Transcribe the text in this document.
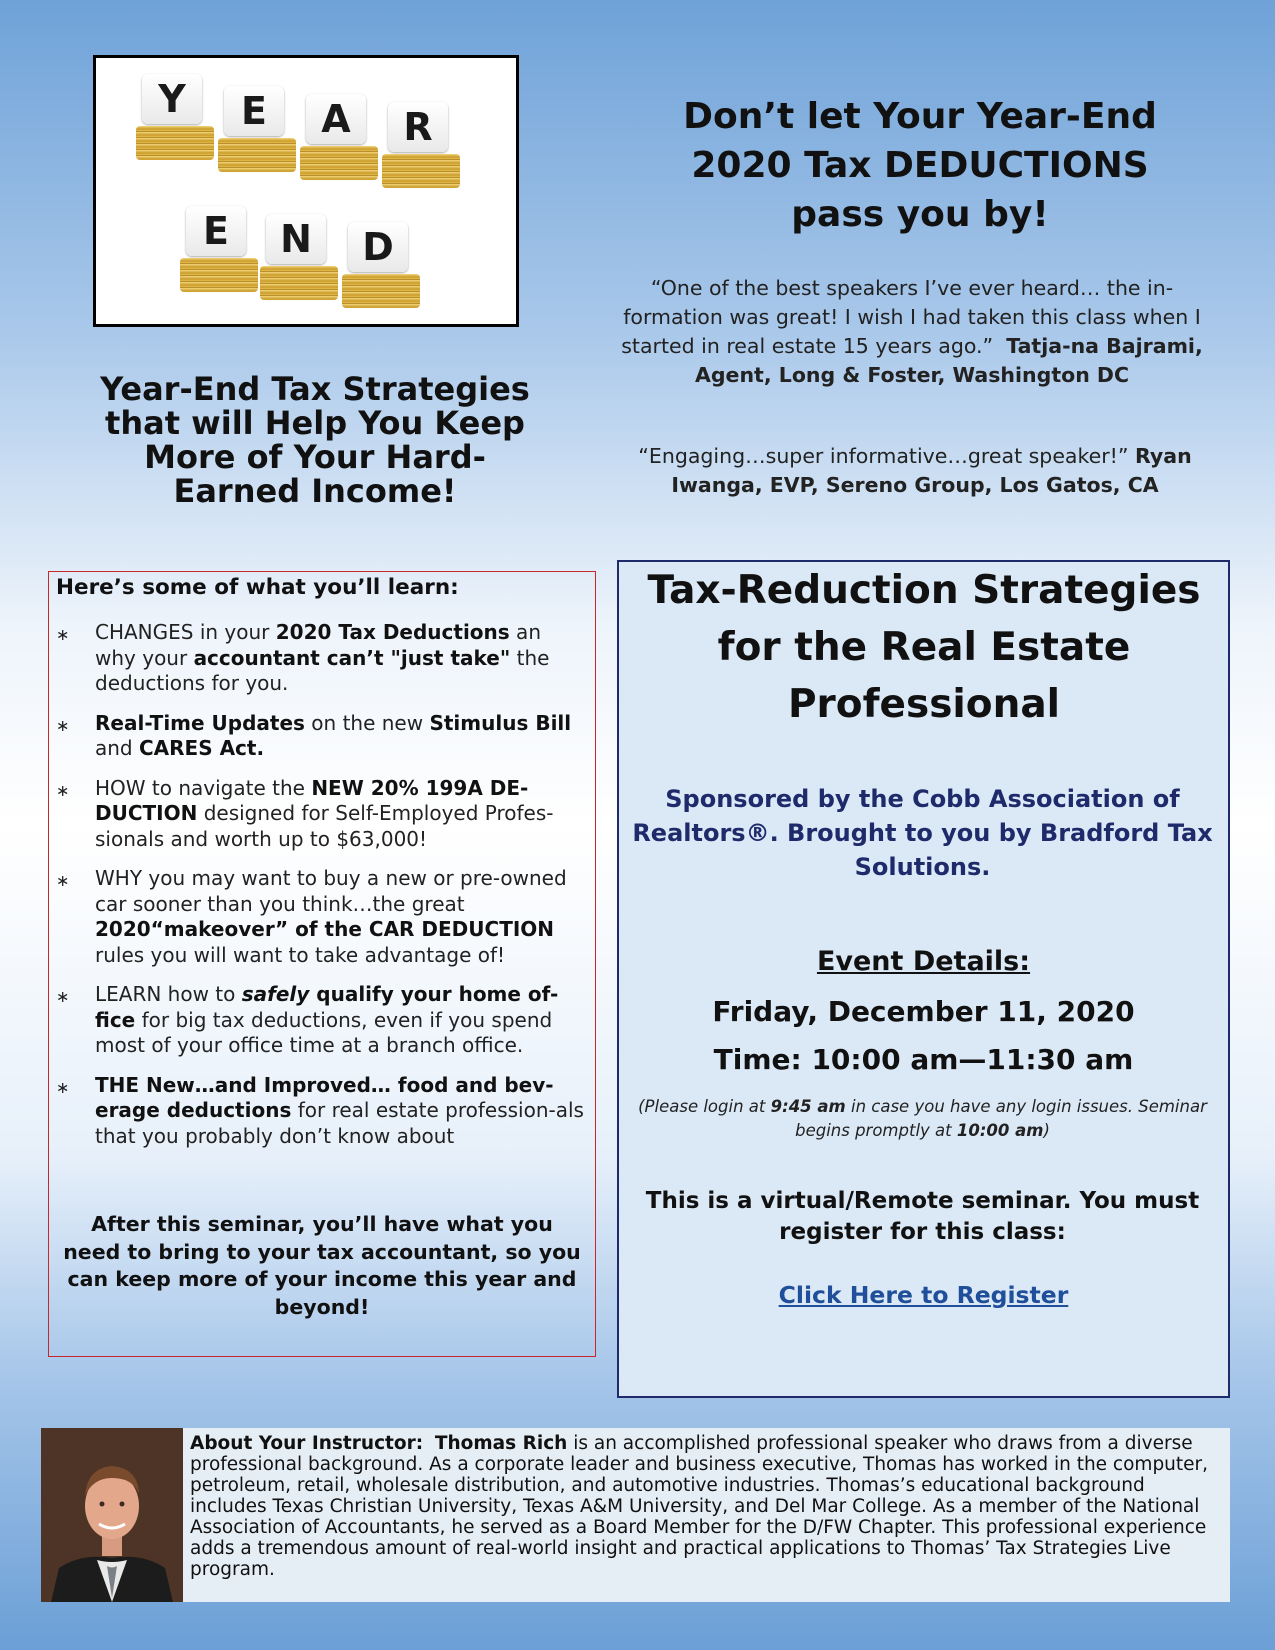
Y	E	A	R
E	N	D
Don’t let Your Year-End
2020 Tax DEDUCTIONS
pass you by!
“One of the best speakers I’ve ever heard… the in-formation was great! I wish I had taken this class when I started in real estate 15 years ago.” Tatja-na Bajrami, Agent, Long & Foster, Washington DC
“Engaging…super informative…great speaker!” Ryan Iwanga, EVP, Sereno Group, Los Gatos, CA
Year-End Tax Strategies
that will Help You Keep
More of Your Hard-
Earned Income!
Here’s some of what you’ll learn:
∗ CHANGES in your 2020 Tax Deductions an why your accountant can’t "just take" the deductions for you.
∗ Real-Time Updates on the new Stimulus Bill and CARES Act.
∗ HOW to navigate the NEW 20% 199A DE-DUCTION designed for Self-Employed Profes-sionals and worth up to $63,000!
∗ WHY you may want to buy a new or pre-owned car sooner than you think…the great 2020“makeover” of the CAR DEDUCTION rules you will want to take advantage of!
∗ LEARN how to safely qualify your home of-fice for big tax deductions, even if you spend most of your office time at a branch office.
∗ THE New…and Improved… food and bev-erage deductions for real estate profession-als that you probably don’t know about
After this seminar, you’ll have what you need to bring to your tax accountant, so you can keep more of your income this year and beyond!
Tax-Reduction Strategies for the Real Estate Professional
Sponsored by the Cobb Association of Realtors®. Brought to you by Bradford Tax Solutions.
Event Details:
Friday, December 11, 2020
Time: 10:00 am—11:30 am
(Please login at 9:45 am in case you have any login issues. Seminar begins promptly at 10:00 am)
This is a virtual/Remote seminar. You must register for this class:
Click Here to Register
About Your Instructor: Thomas Rich is an accomplished professional speaker who draws from a diverse professional background. As a corporate leader and business executive, Thomas has worked in the computer, petroleum, retail, wholesale distribution, and automotive industries. Thomas’s educational background includes Texas Christian University, Texas A&M University, and Del Mar College. As a member of the National Association of Accountants, he served as a Board Member for the D/FW Chapter. This professional experience adds a tremendous amount of real-world insight and practical applications to Thomas’ Tax Strategies Live program.
